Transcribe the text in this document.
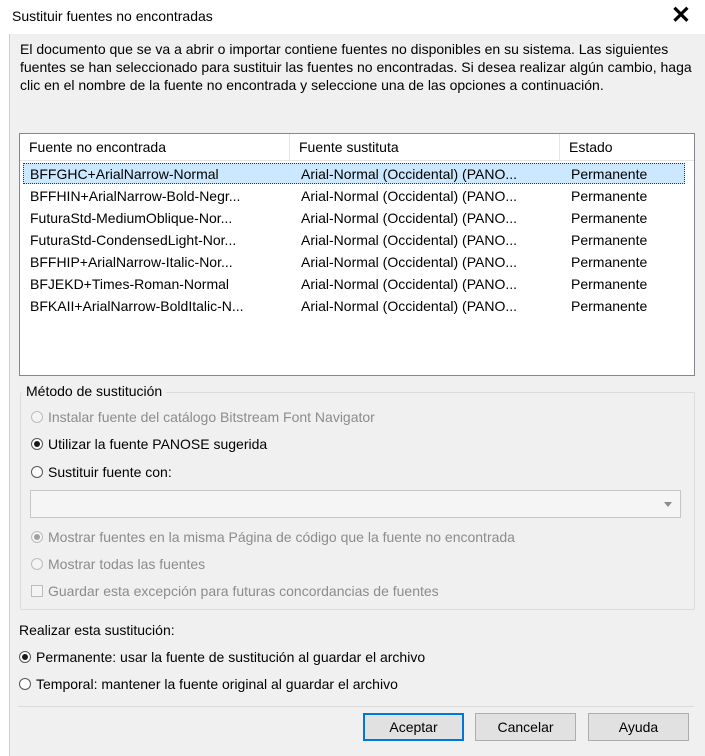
Sustituir fuentes no encontradas	✕
El documento que se va a abrir o importar contiene fuentes no disponibles en su sistema. Las siguientes fuentes se han seleccionado para sustituir las fuentes no encontradas. Si desea realizar algún cambio, haga clic en el nombre de la fuente no encontrada y seleccione una de las opciones a continuación.
Fuente no encontrada	Fuente sustituta	Estado
BFFGHC+ArialNarrow-Normal	Arial-Normal (Occidental) (PANO...	Permanente
BFFHIN+ArialNarrow-Bold-Negr...	Arial-Normal (Occidental) (PANO...	Permanente
FuturaStd-MediumOblique-Nor...	Arial-Normal (Occidental) (PANO...	Permanente
FuturaStd-CondensedLight-Nor...	Arial-Normal (Occidental) (PANO...	Permanente
BFFHIP+ArialNarrow-Italic-Nor...	Arial-Normal (Occidental) (PANO...	Permanente
BFJEKD+Times-Roman-Normal	Arial-Normal (Occidental) (PANO...	Permanente
BFKAII+ArialNarrow-BoldItalic-N...	Arial-Normal (Occidental) (PANO...	Permanente
Método de sustitución
Instalar fuente del catálogo Bitstream Font Navigator
Utilizar la fuente PANOSE sugerida
Sustituir fuente con:
Mostrar fuentes en la misma Página de código que la fuente no encontrada
Mostrar todas las fuentes
Guardar esta excepción para futuras concordancias de fuentes
Realizar esta sustitución:
Permanente: usar la fuente de sustitución al guardar el archivo
Temporal: mantener la fuente original al guardar el archivo
Aceptar	Cancelar	Ayuda
